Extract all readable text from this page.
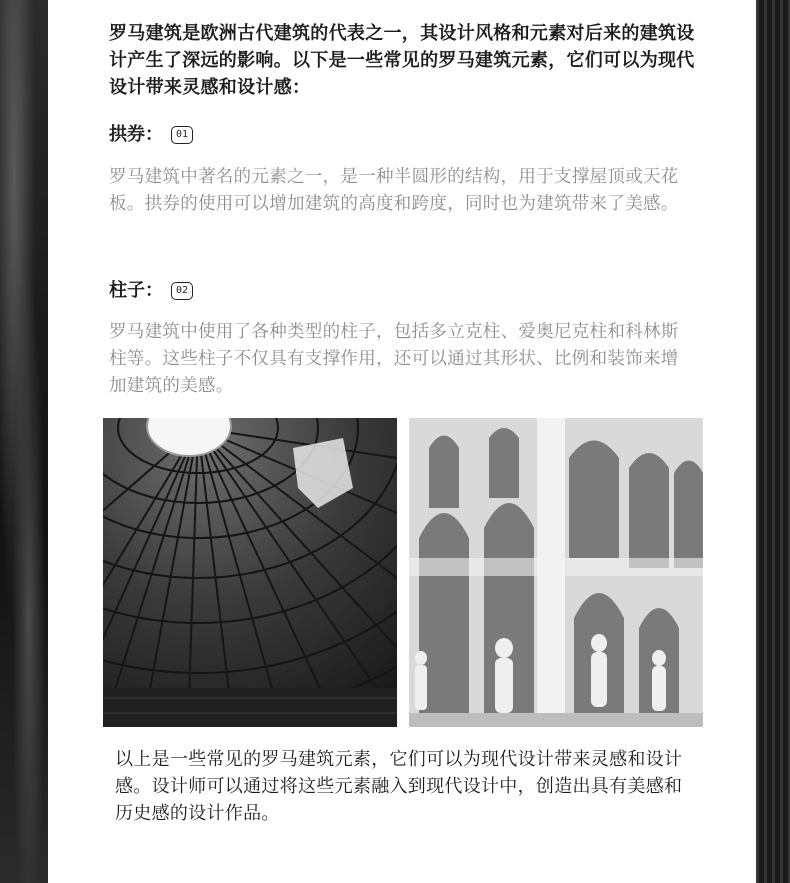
罗马建筑是欧洲古代建筑的代表之一，其设计风格和元素对后来的建筑设计产生了深远的影响。以下是一些常见的罗马建筑元素，它们可以为现代设计带来灵感和设计感：
拱券：	01
罗马建筑中著名的元素之一，是一种半圆形的结构，用于支撑屋顶或天花板。拱券的使用可以增加建筑的高度和跨度，同时也为建筑带来了美感。
柱子：	02
罗马建筑中使用了各种类型的柱子，包括多立克柱、爱奥尼克柱和科林斯柱等。这些柱子不仅具有支撑作用，还可以通过其形状、比例和装饰来增加建筑的美感。
以上是一些常见的罗马建筑元素，它们可以为现代设计带来灵感和设计感。设计师可以通过将这些元素融入到现代设计中，创造出具有美感和历史感的设计作品。
